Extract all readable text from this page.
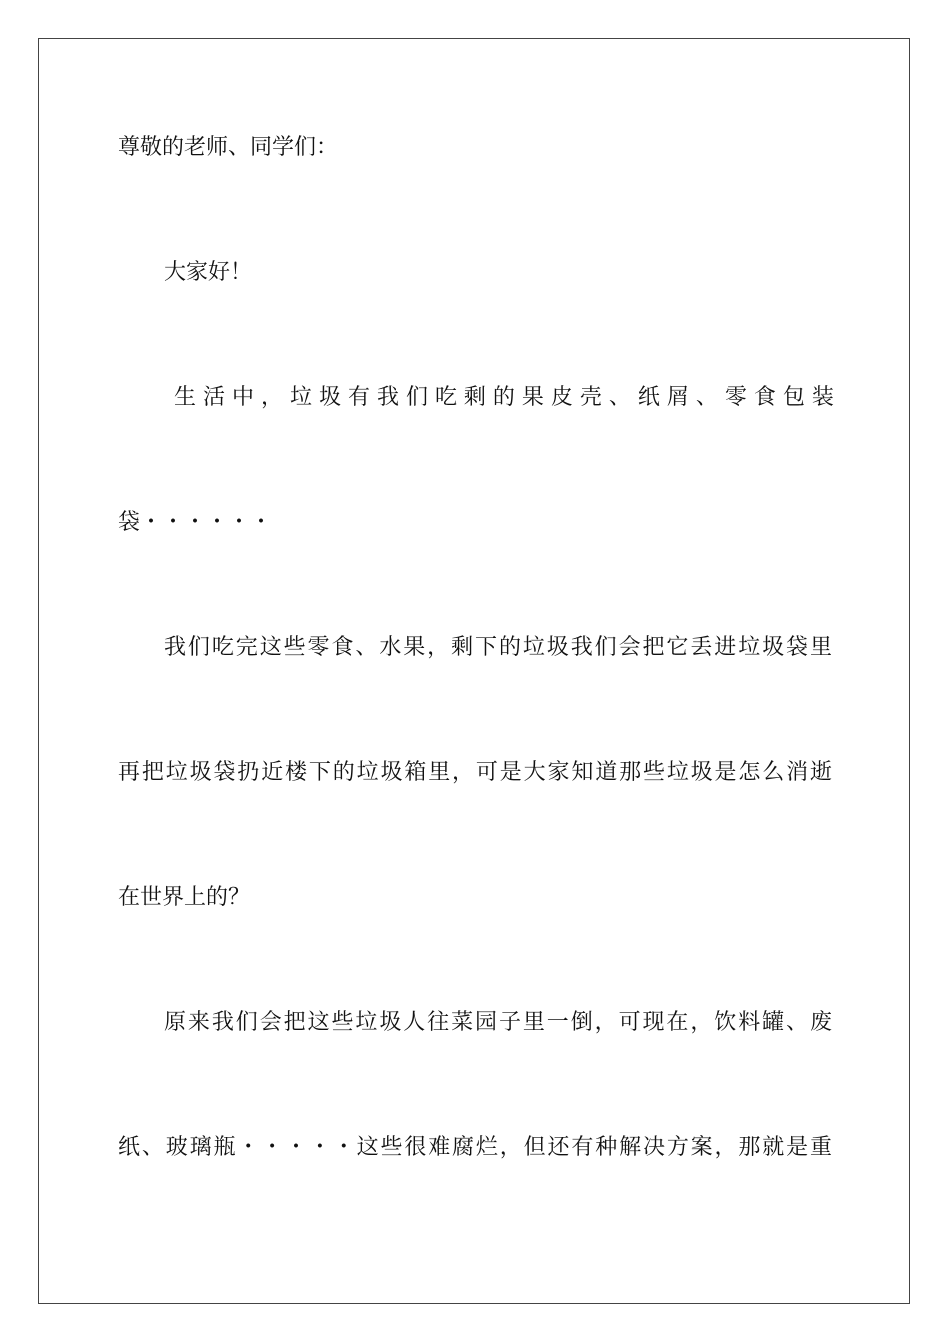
尊敬的老师、同学们：
大家好！
生 活 中 ， 垃 圾 有 我 们 吃 剩 的 果 皮 壳 、 纸 屑 、 零 食 包 装
袋・・・・・・
我们吃完这些零食、水果，剩下的垃圾我们会把它丢进垃圾袋里
再把垃圾袋扔近楼下的垃圾箱里，可是大家知道那些垃圾是怎么消逝
在世界上的？
原来我们会把这些垃圾人往菜园子里一倒，可现在，饮料罐、废
纸、玻璃瓶・・・・・这些很难腐烂，但还有种解决方案，那就是重
